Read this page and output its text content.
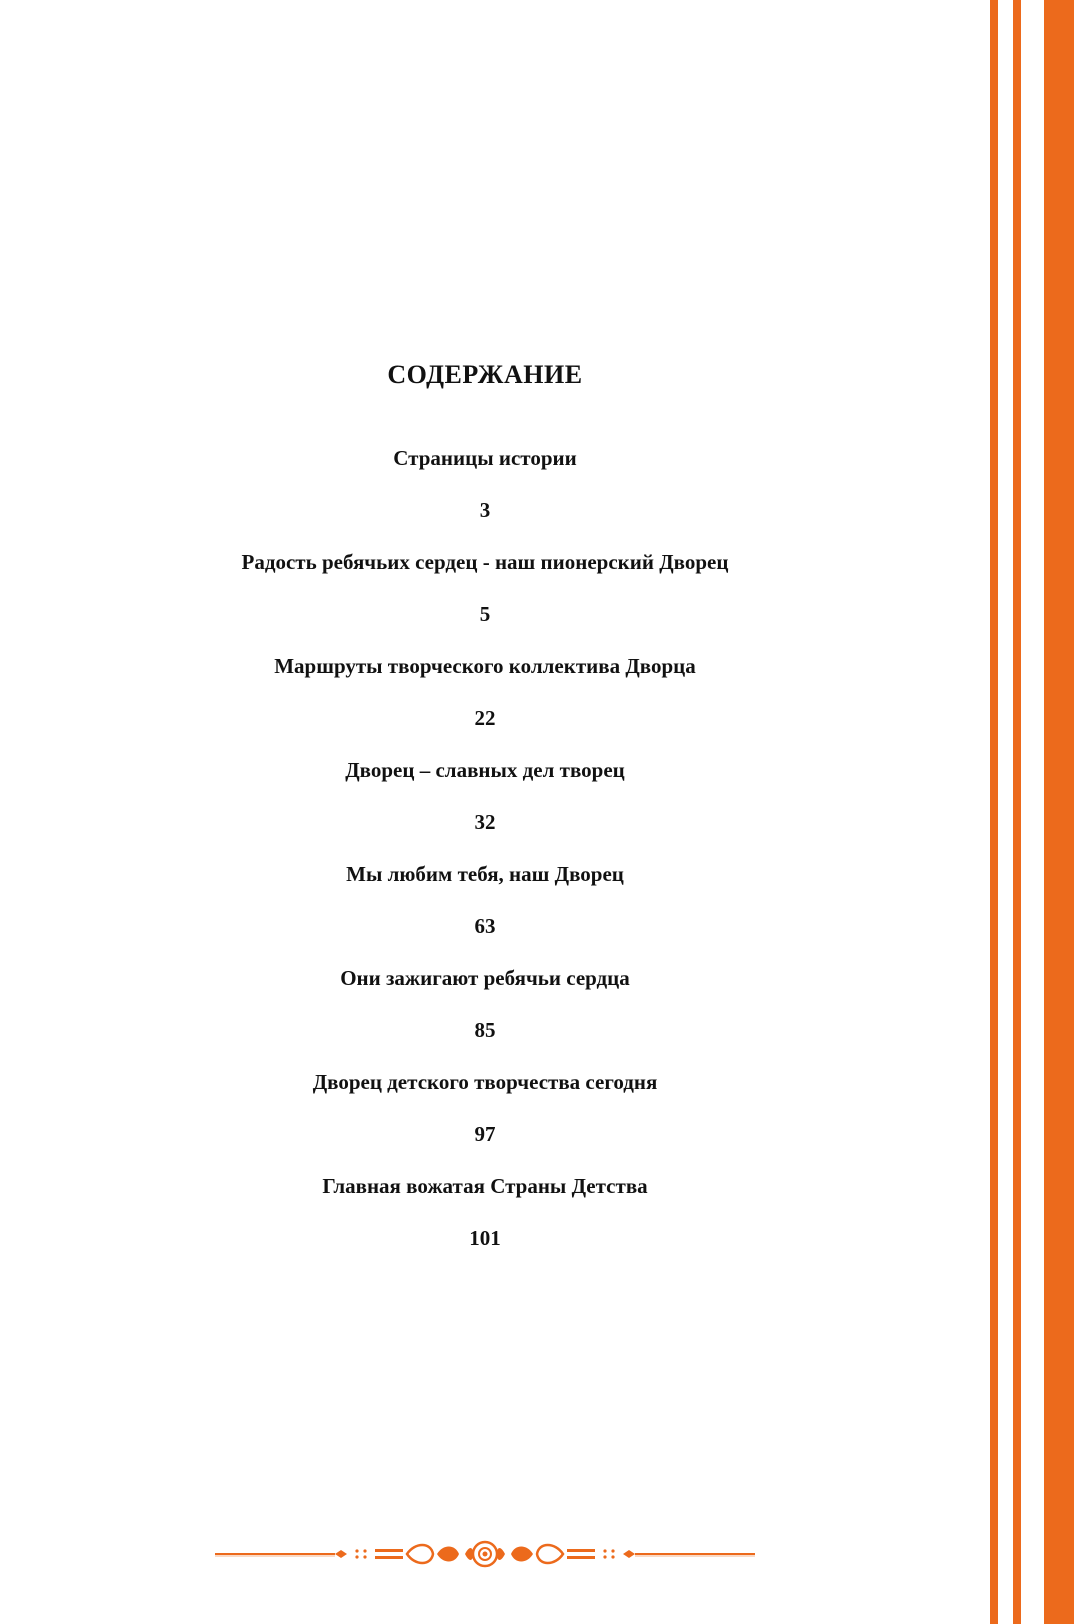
СОДЕРЖАНИЕ
Страницы истории
3
Радость ребячьих сердец - наш пионерский Дворец
5
Маршруты творческого коллектива Дворца
22
Дворец – славных дел творец
32
Мы любим тебя, наш Дворец
63
Они зажигают ребячьи сердца
85
Дворец детского творчества сегодня
97
Главная вожатая Страны Детства
101
